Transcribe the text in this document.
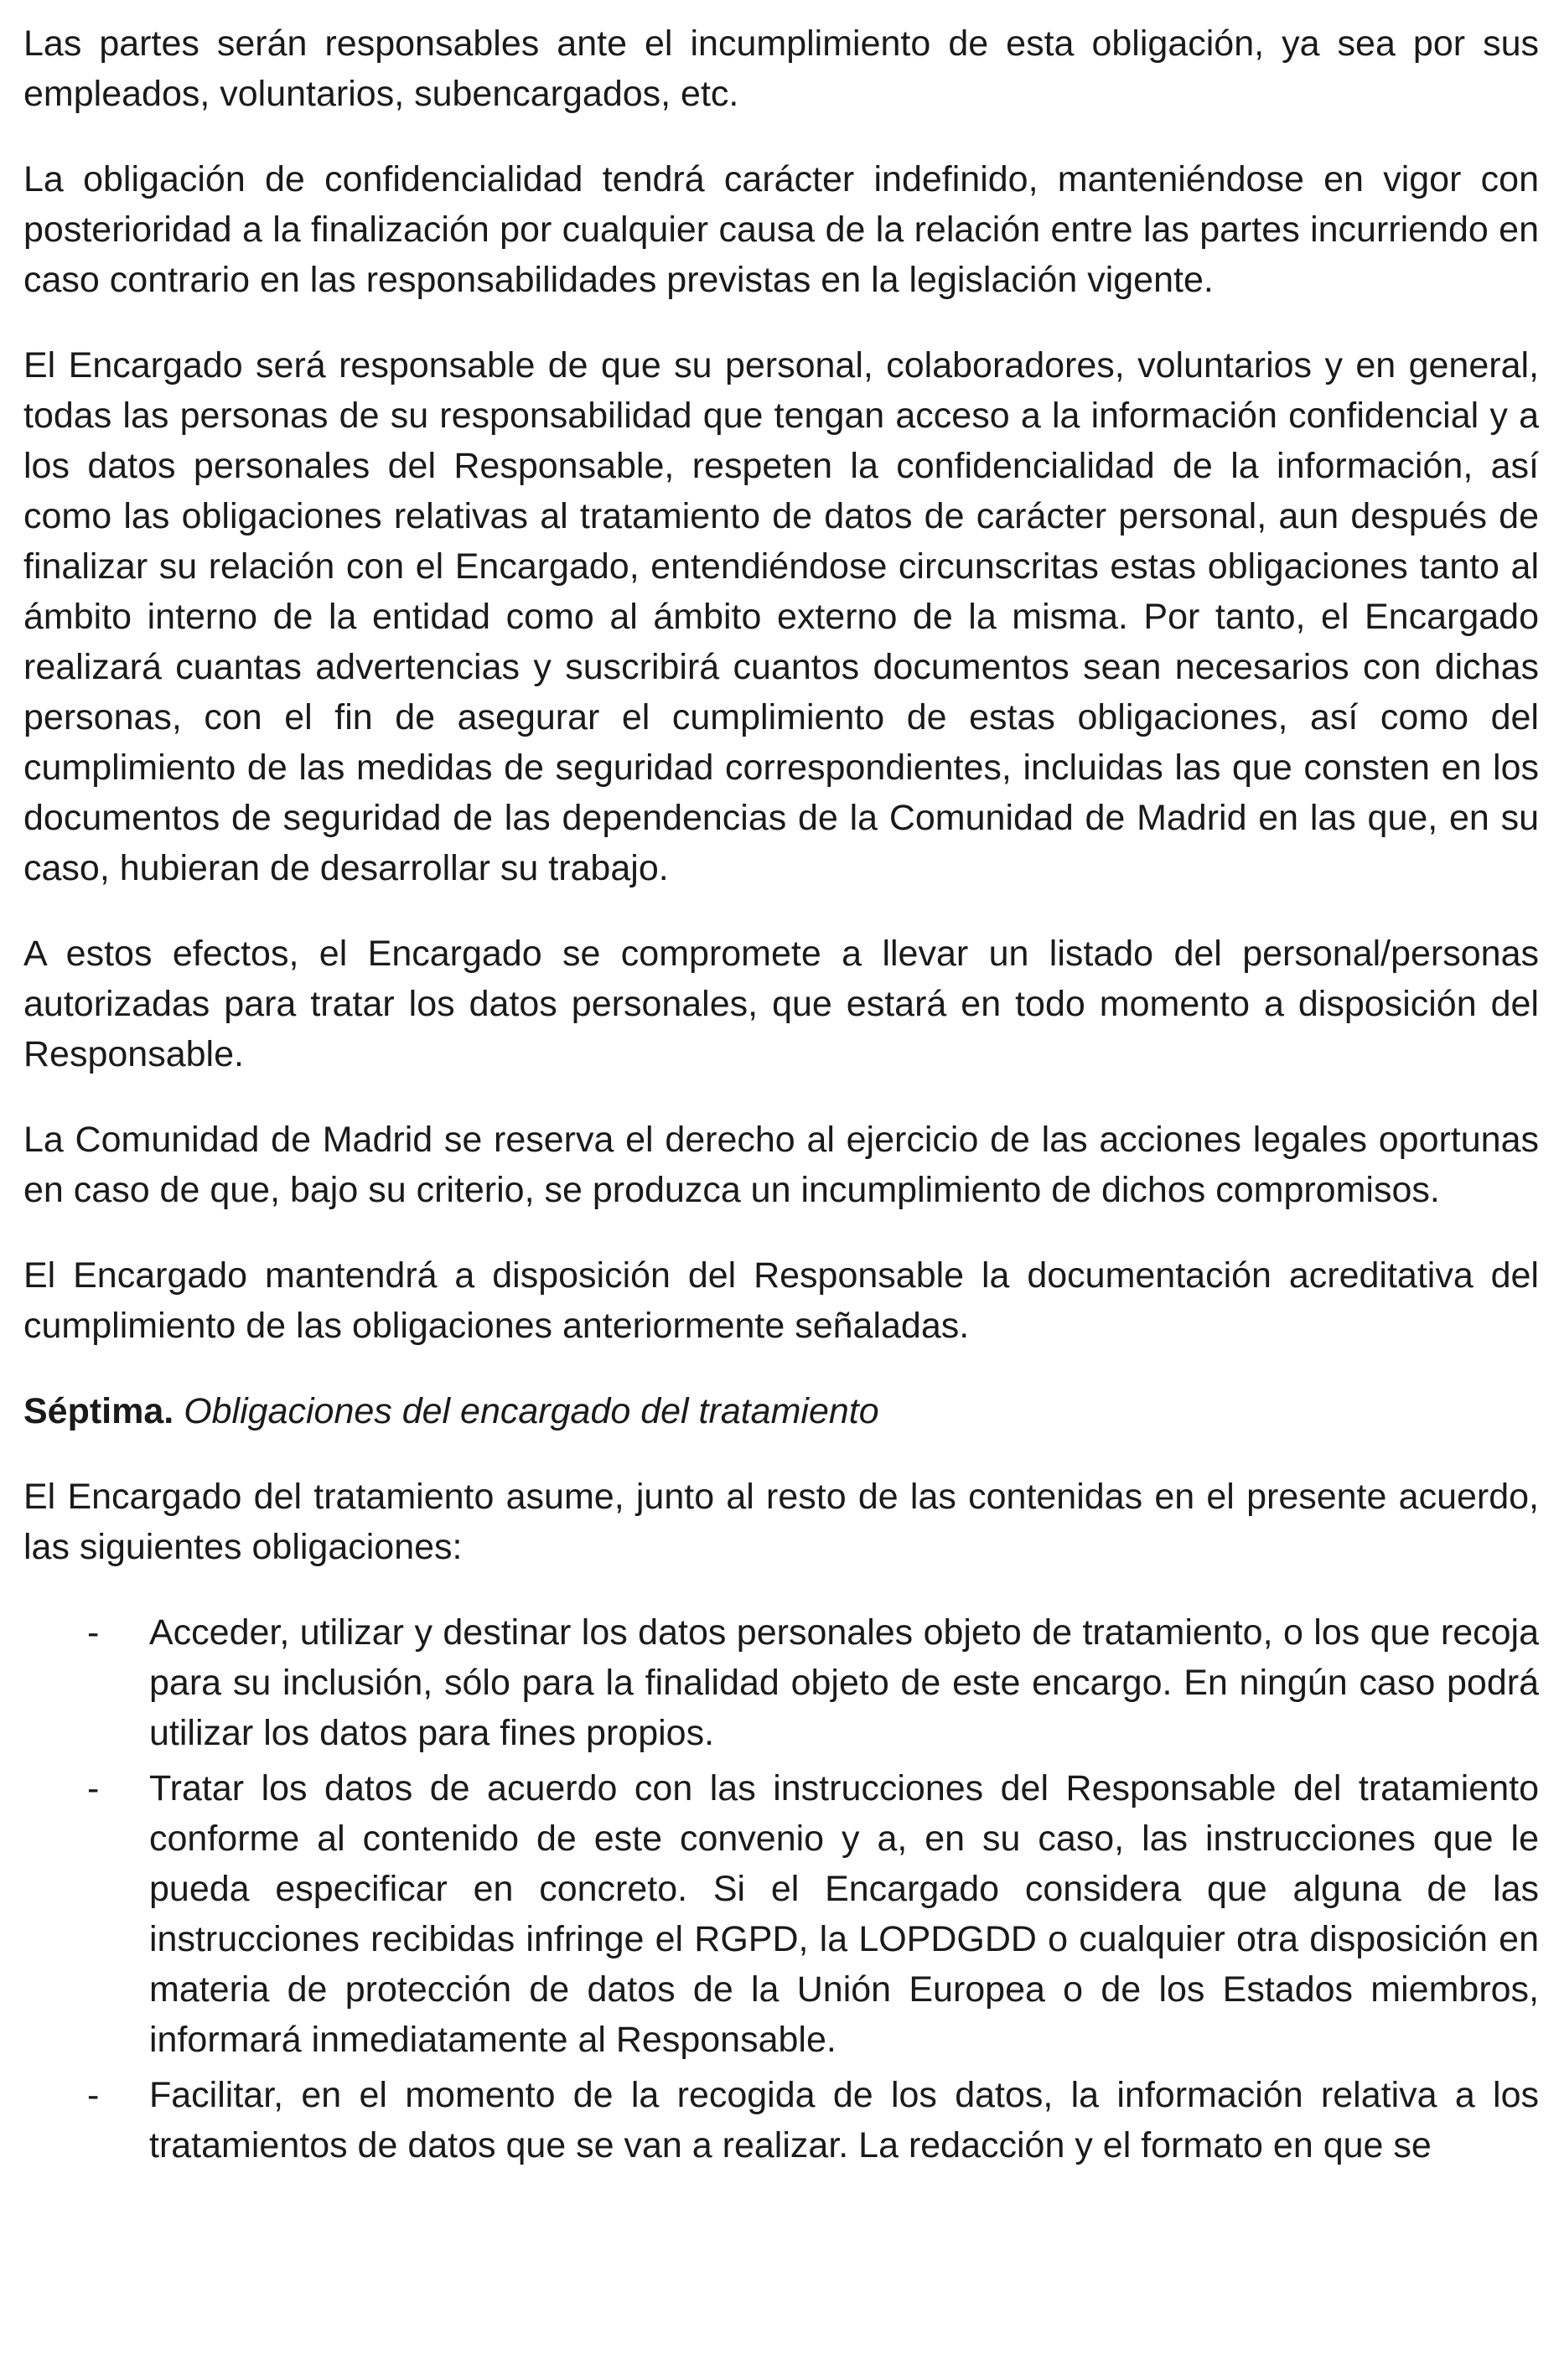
Las partes serán responsables ante el incumplimiento de esta obligación, ya sea por sus empleados, voluntarios, subencargados, etc.

La obligación de confidencialidad tendrá carácter indefinido, manteniéndose en vigor con posterioridad a la finalización por cualquier causa de la relación entre las partes incurriendo en caso contrario en las responsabilidades previstas en la legislación vigente.

El Encargado será responsable de que su personal, colaboradores, voluntarios y en general, todas las personas de su responsabilidad que tengan acceso a la información confidencial y a los datos personales del Responsable, respeten la confidencialidad de la información, así como las obligaciones relativas al tratamiento de datos de carácter personal, aun después de finalizar su relación con el Encargado, entendiéndose circunscritas estas obligaciones tanto al ámbito interno de la entidad como al ámbito externo de la misma. Por tanto, el Encargado realizará cuantas advertencias y suscribirá cuantos documentos sean necesarios con dichas personas, con el fin de asegurar el cumplimiento de estas obligaciones, así como del cumplimiento de las medidas de seguridad correspondientes, incluidas las que consten en los documentos de seguridad de las dependencias de la Comunidad de Madrid en las que, en su caso, hubieran de desarrollar su trabajo.

A estos efectos, el Encargado se compromete a llevar un listado del personal/personas autorizadas para tratar los datos personales, que estará en todo momento a disposición del Responsable.

La Comunidad de Madrid se reserva el derecho al ejercicio de las acciones legales oportunas en caso de que, bajo su criterio, se produzca un incumplimiento de dichos compromisos.

El Encargado mantendrá a disposición del Responsable la documentación acreditativa del cumplimiento de las obligaciones anteriormente señaladas.

Séptima. Obligaciones del encargado del tratamiento

El Encargado del tratamiento asume, junto al resto de las contenidas en el presente acuerdo, las siguientes obligaciones:

- Acceder, utilizar y destinar los datos personales objeto de tratamiento, o los que recoja para su inclusión, sólo para la finalidad objeto de este encargo. En ningún caso podrá utilizar los datos para fines propios.
- Tratar los datos de acuerdo con las instrucciones del Responsable del tratamiento conforme al contenido de este convenio y a, en su caso, las instrucciones que le pueda especificar en concreto. Si el Encargado considera que alguna de las instrucciones recibidas infringe el RGPD, la LOPDGDD o cualquier otra disposición en materia de protección de datos de la Unión Europea o de los Estados miembros, informará inmediatamente al Responsable.
- Facilitar, en el momento de la recogida de los datos, la información relativa a los tratamientos de datos que se van a realizar. La redacción y el formato en que se
